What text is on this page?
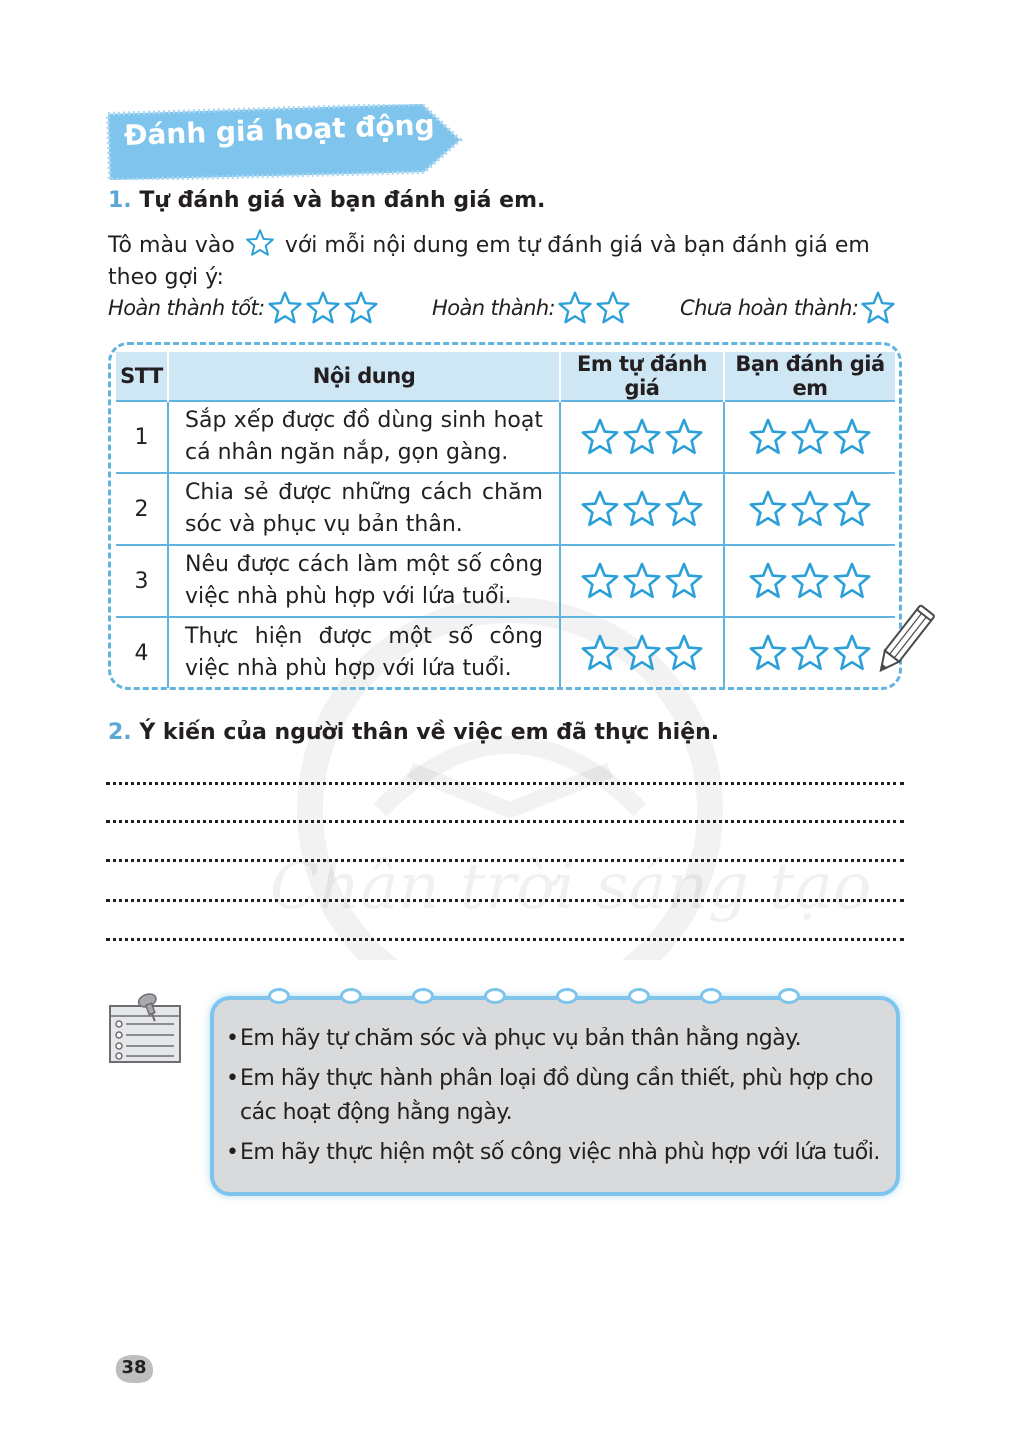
Chân trời sáng tạo
Đánh giá hoạt động
1. Tự đánh giá và bạn đánh giá em.
Tô màu vào với mỗi nội dung em tự đánh giá và bạn đánh giá em theo gợi ý:
Hoàn thành tốt:	Hoàn thành:	Chưa hoàn thành:
STT	Nội dung	Em tự đánh giá	Bạn đánh giá em
1	Sắp xếp được đồ dùng sinh hoạt cá nhân ngăn nắp, gọn gàng.		
2	Chia sẻ được những cách chăm sóc và phục vụ bản thân.		
3	Nêu được cách làm một số công việc nhà phù hợp với lứa tuổi.		
4	Thực hiện được một số công việc nhà phù hợp với lứa tuổi.		
2. Ý kiến của người thân về việc em đã thực hiện.
• Em hãy tự chăm sóc và phục vụ bản thân hằng ngày.
• Em hãy thực hành phân loại đồ dùng cần thiết, phù hợp cho các hoạt động hằng ngày.
• Em hãy thực hiện một số công việc nhà phù hợp với lứa tuổi.
38
